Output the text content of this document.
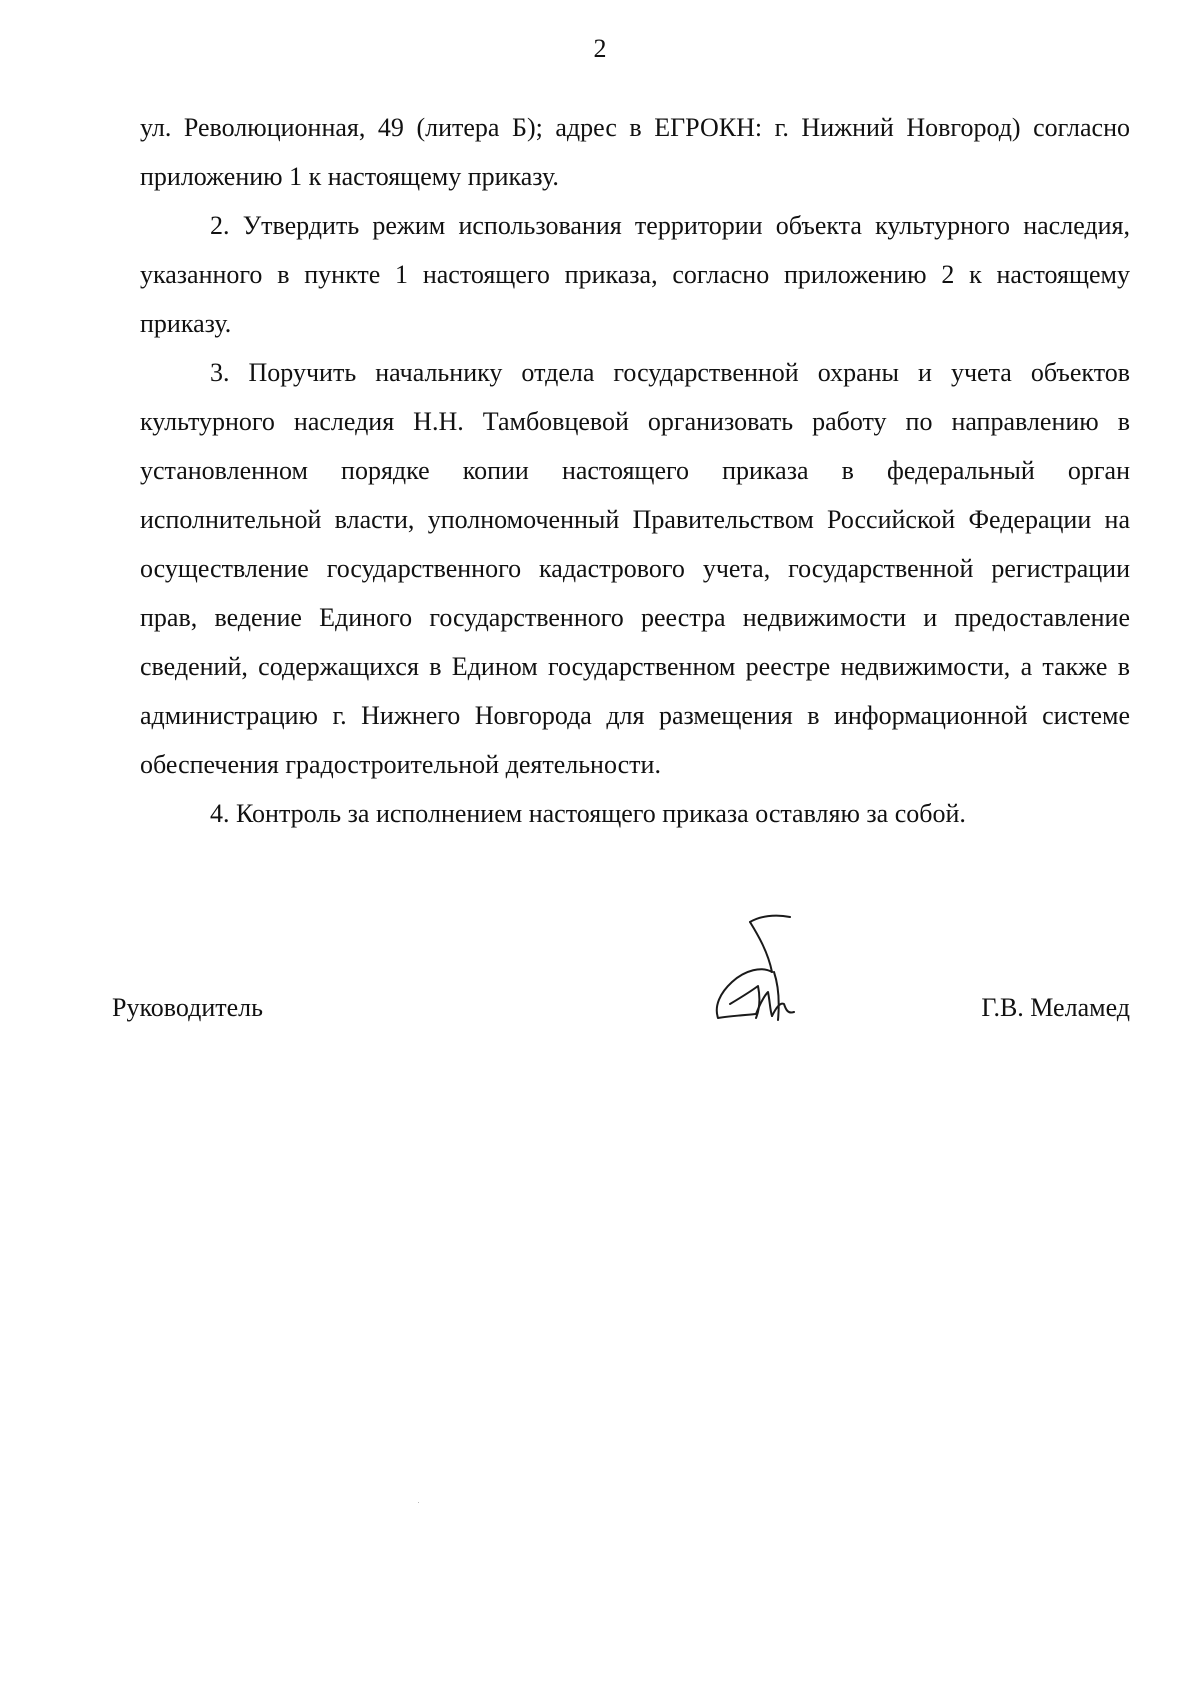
2

ул. Революционная, 49 (литера Б); адрес в ЕГРОКН: г. Нижний Новгород) согласно приложению 1 к настоящему приказу.

2. Утвердить режим использования территории объекта культурного наследия, указанного в пункте 1 настоящего приказа, согласно приложению 2 к настоящему приказу.

3. Поручить начальнику отдела государственной охраны и учета объектов культурного наследия Н.Н. Тамбовцевой организовать работу по направлению в установленном порядке копии настоящего приказа в федеральный орган исполнительной власти, уполномоченный Правительством Российской Федерации на осуществление государственного кадастрового учета, государственной регистрации прав, ведение Единого государственного реестра недвижимости и предоставление сведений, содержащихся в Едином государственном реестре недвижимости, а также в администрацию г. Нижнего Новгорода для размещения в информационной системе обеспечения градостроительной деятельности.

4. Контроль за исполнением настоящего приказа оставляю за собой.

Руководитель	Г.В. Меламед
